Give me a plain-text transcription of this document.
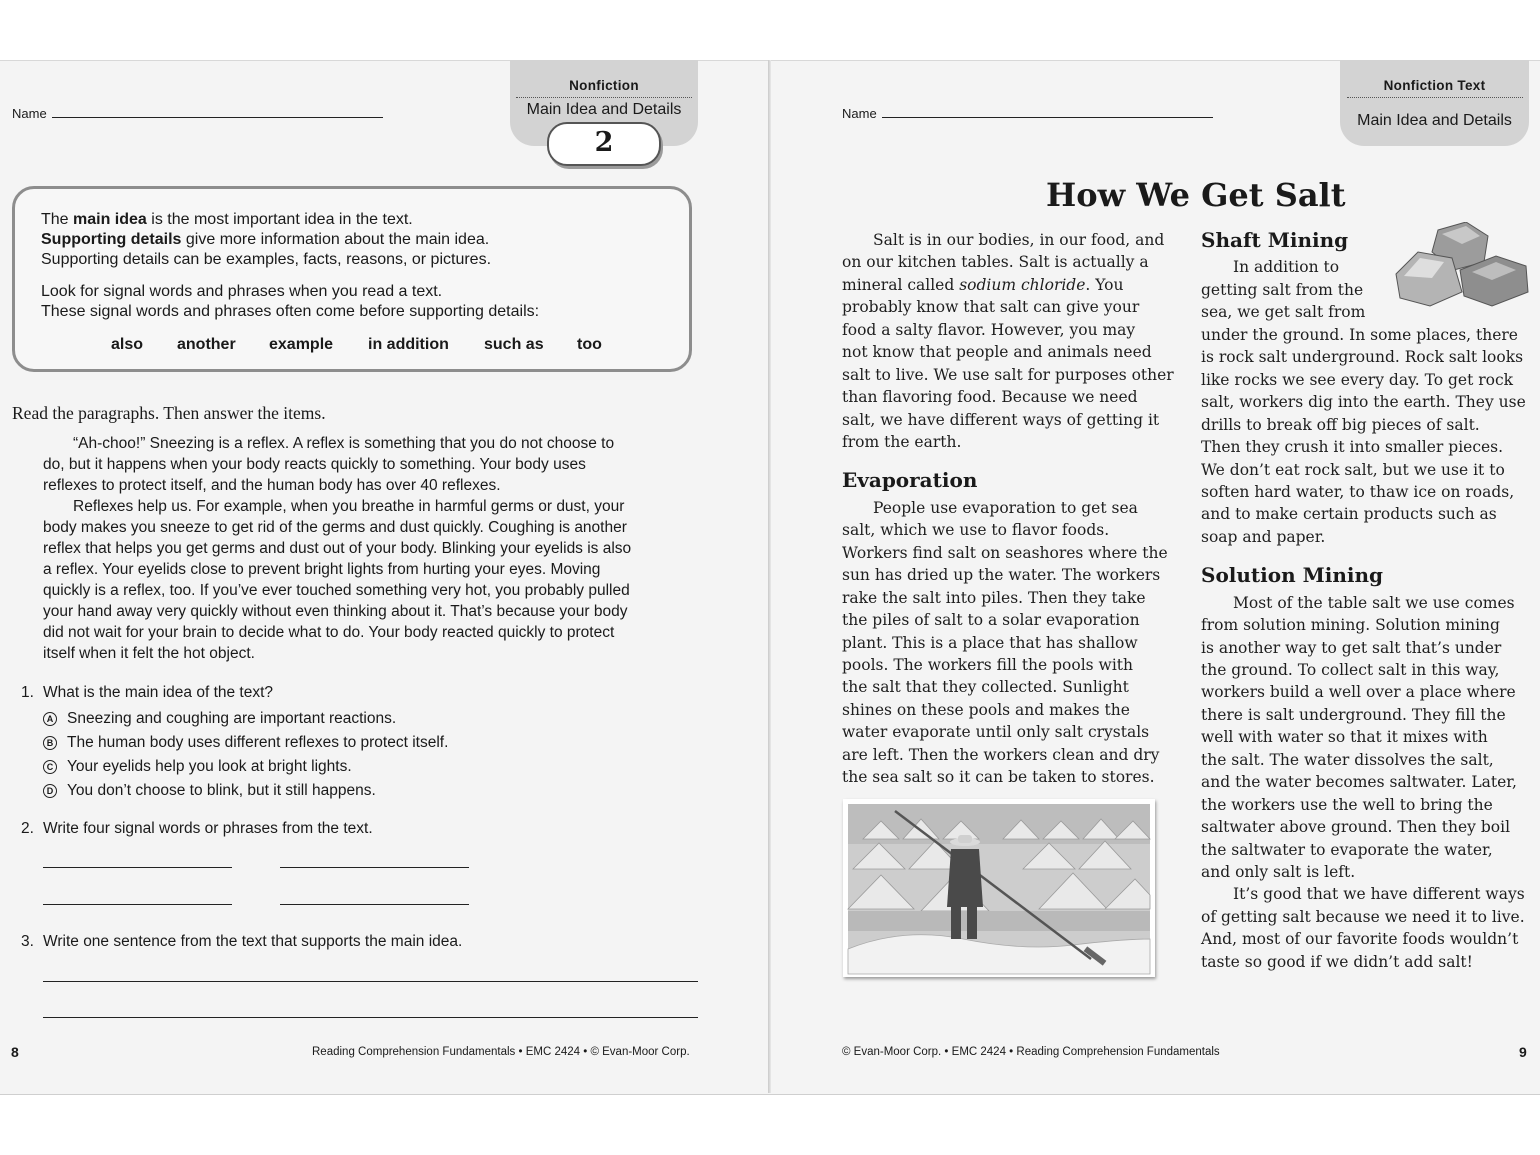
Name
Nonfiction
Main Idea and Details
2
The main idea is the most important idea in the text.
Supporting details give more information about the main idea.
Supporting details can be examples, facts, reasons, or pictures.
Look for signal words and phrases when you read a text.
These signal words and phrases often come before supporting details:
also another example in addition such as too
Read the paragraphs. Then answer the items.
“Ah-choo!” Sneezing is a reflex. A reflex is something that you do not choose to
do, but it happens when your body reacts quickly to something. Your body uses
reflexes to protect itself, and the human body has over 40 reflexes.
Reflexes help us. For example, when you breathe in harmful germs or dust, your
body makes you sneeze to get rid of the germs and dust quickly. Coughing is another
reflex that helps you get germs and dust out of your body. Blinking your eyelids is also
a reflex. Your eyelids close to prevent bright lights from hurting your eyes. Moving
quickly is a reflex, too. If you’ve ever touched something very hot, you probably pulled
your hand away very quickly without even thinking about it. That’s because your body
did not wait for your brain to decide what to do. Your body reacted quickly to protect
itself when it felt the hot object.
1. What is the main idea of the text?
A Sneezing and coughing are important reactions.
B The human body uses different reflexes to protect itself.
C Your eyelids help you look at bright lights.
D You don’t choose to blink, but it still happens.
2. Write four signal words or phrases from the text.
3. Write one sentence from the text that supports the main idea.
8	Reading Comprehension Fundamentals • EMC 2424 • © Evan-Moor Corp.
Name
Nonfiction Text
Main Idea and Details
How We Get Salt
Salt is in our bodies, in our food, and
on our kitchen tables. Salt is actually a
mineral called sodium chloride. You
probably know that salt can give your
food a salty flavor. However, you may
not know that people and animals need
salt to live. We use salt for purposes other
than flavoring food. Because we need
salt, we have different ways of getting it
from the earth.
Evaporation
People use evaporation to get sea
salt, which we use to flavor foods.
Workers find salt on seashores where the
sun has dried up the water. The workers
rake the salt into piles. Then they take
the piles of salt to a solar evaporation
plant. This is a place that has shallow
pools. The workers fill the pools with
the salt that they collected. Sunlight
shines on these pools and makes the
water evaporate until only salt crystals
are left. Then the workers clean and dry
the sea salt so it can be taken to stores.
Shaft Mining
In addition to
getting salt from the
sea, we get salt from
under the ground. In some places, there
is rock salt underground. Rock salt looks
like rocks we see every day. To get rock
salt, workers dig into the earth. They use
drills to break off big pieces of salt.
Then they crush it into smaller pieces.
We don’t eat rock salt, but we use it to
soften hard water, to thaw ice on roads,
and to make certain products such as
soap and paper.
Solution Mining
Most of the table salt we use comes
from solution mining. Solution mining
is another way to get salt that’s under
the ground. To collect salt in this way,
workers build a well over a place where
there is salt underground. They fill the
well with water so that it mixes with
the salt. The water dissolves the salt,
and the water becomes saltwater. Later,
the workers use the well to bring the
saltwater above ground. Then they boil
the saltwater to evaporate the water,
and only salt is left.
It’s good that we have different ways
of getting salt because we need it to live.
And, most of our favorite foods wouldn’t
taste so good if we didn’t add salt!
© Evan-Moor Corp. • EMC 2424 • Reading Comprehension Fundamentals	9
